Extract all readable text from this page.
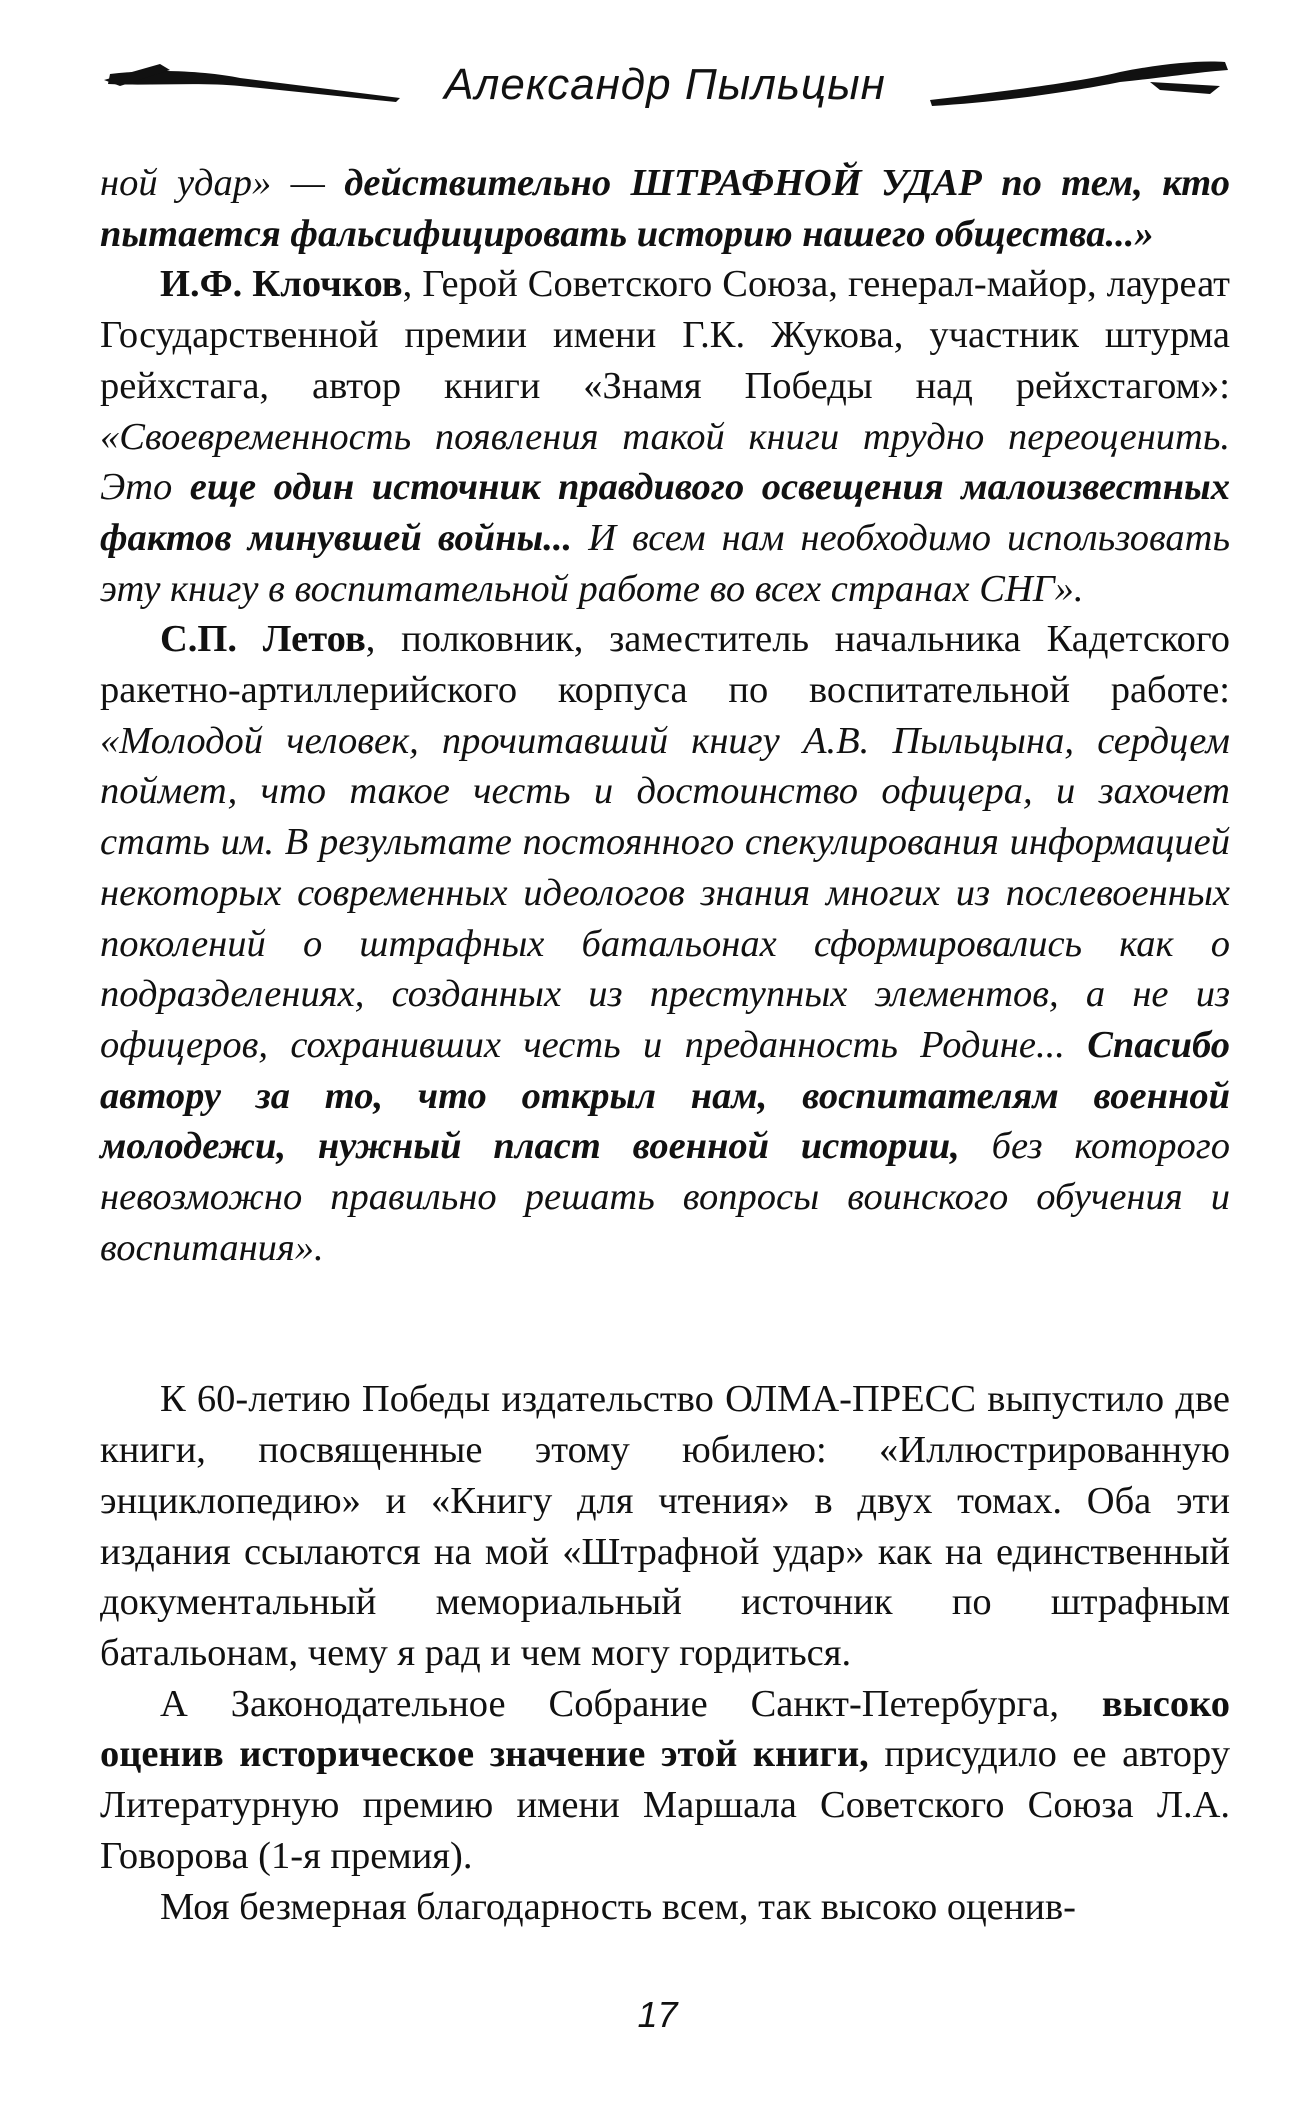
Александр Пыльцын

ной удар» — действительно ШТРАФНОЙ УДАР по тем, кто пытается фальсифицировать историю нашего общества...»

И.Ф. Клочков, Герой Советского Союза, генерал-майор, лауреат Государственной премии имени Г.К. Жукова, участник штурма рейхстага, автор книги «Знамя Победы над рейхстагом»: «Своевременность появления такой книги трудно переоценить. Это еще один источник правдивого освещения малоизвестных фактов минувшей войны... И всем нам необходимо использовать эту книгу в воспитательной работе во всех странах СНГ».

С.П. Летов, полковник, заместитель начальника Кадетского ракетно-артиллерийского корпуса по воспитательной работе: «Молодой человек, прочитавший книгу А.В. Пыльцына, сердцем поймет, что такое честь и достоинство офицера, и захочет стать им. В результате постоянного спекулирования информацией некоторых современных идеологов знания многих из послевоенных поколений о штрафных батальонах сформировались как о подразделениях, созданных из преступных элементов, а не из офицеров, сохранивших честь и преданность Родине... Спасибо автору за то, что открыл нам, воспитателям военной молодежи, нужный пласт военной истории, без которого невозможно правильно решать вопросы воинского обучения и воспитания».

К 60-летию Победы издательство ОЛМА-ПРЕСС выпустило две книги, посвященные этому юбилею: «Иллюстрированную энциклопедию» и «Книгу для чтения» в двух томах. Оба эти издания ссылаются на мой «Штрафной удар» как на единственный документальный мемориальный источник по штрафным батальонам, чему я рад и чем могу гордиться.

А Законодательное Собрание Санкт-Петербурга, высоко оценив историческое значение этой книги, присудило ее автору Литературную премию имени Маршала Советского Союза Л.А. Говорова (1-я премия).

Моя безмерная благодарность всем, так высоко оценив-

17
